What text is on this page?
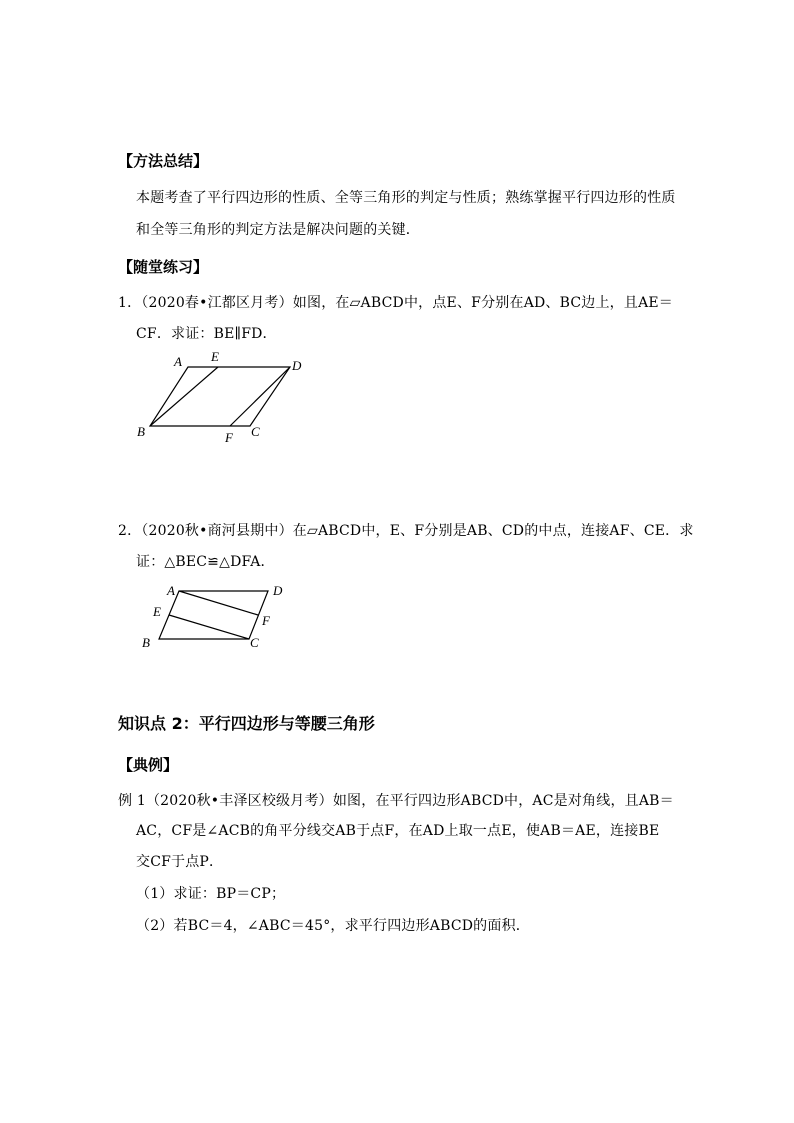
【方法总结】
本题考查了平行四边形的性质、全等三角形的判定与性质；熟练掌握平行四边形的性质
和全等三角形的判定方法是解决问题的关键．
【随堂练习】
1．（2020春•江都区月考）如图，在▱ABCD中，点E、F分别在AD、BC边上，且AE＝
CF．求证：BE∥FD．
A E
D
B	F C
2．（2020秋•商河县期中）在▱ABCD中，E、F分别是AB、CD的中点，连接AF、CE．求
证：△BEC≌△DFA．
A	D
E
F
B	C
知识点 2：平行四边形与等腰三角形
【典例】
例 1（2020秋•丰泽区校级月考）如图，在平行四边形ABCD中，AC是对角线，且AB＝
AC，CF是∠ACB的角平分线交AB于点F，在AD上取一点E，使AB＝AE，连接BE
交CF于点P．
（1）求证：BP＝CP；
（2）若BC＝4，∠ABC＝45°，求平行四边形ABCD的面积．
